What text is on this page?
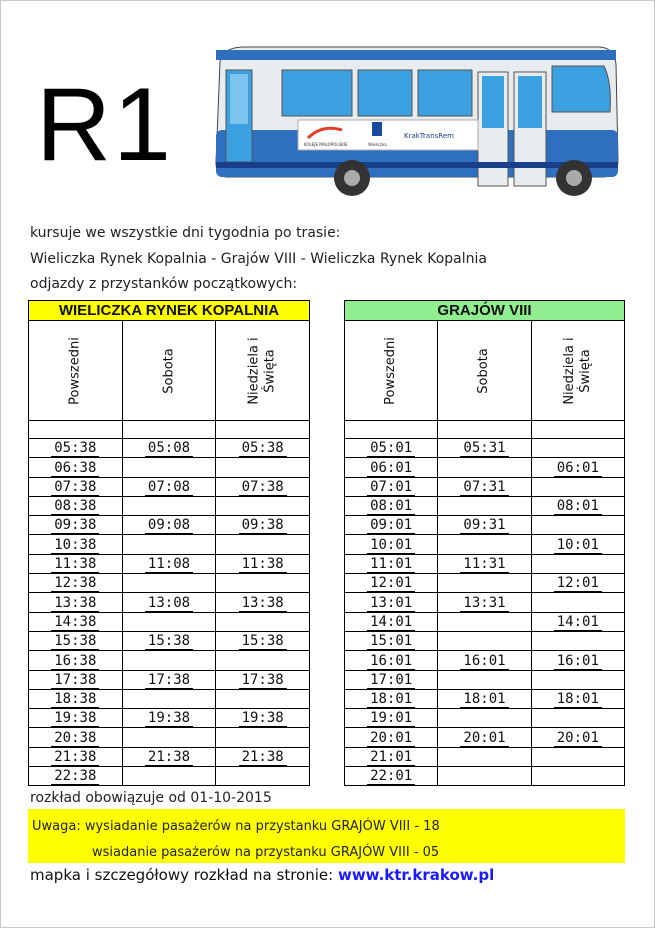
R1	KOLEJE MAŁOPOLSKIE	Wieliczka
KrakTransRem
kursuje we wszystkie dni tygodnia po trasie:
Wieliczka Rynek Kopalnia - Grajów VIII - Wieliczka Rynek Kopalnia
odjazdy z przystanków początkowych:
WIELICZKA RYNEK KOPALNIA		

Powszedni	Sobota	Niedziela i
Święta

05:38	05:08	05:38
06:38		
07:38	07:08	07:38
08:38		
09:38	09:08	09:38
10:38		
11:38	11:08	11:38
12:38		
13:38	13:08	13:38
14:38		
15:38	15:38	15:38
16:38		
17:38	17:38	17:38
18:38		
19:38	19:38	19:38
20:38		
21:38	21:38	21:38
22:38		
GRAJÓW VIII		

Powszedni	Sobota	Niedziela i
Święta

05:01	05:31	
06:01		06:01
07:01	07:31	
08:01		08:01
09:01	09:31	
10:01		10:01
11:01	11:31	
12:01		12:01
13:01	13:31	
14:01		14:01
15:01		
16:01	16:01	16:01
17:01		
18:01	18:01	18:01
19:01		
20:01	20:01	20:01
21:01		
22:01		
rozkład obowiązuje od 01-10-2015
Uwaga: wysiadanie pasażerów na przystanku GRAJÓW VIII - 18
wsiadanie pasażerów na przystanku GRAJÓW VIII - 05
mapka i szczegółowy rozkład na stronie: www.ktr.krakow.pl
